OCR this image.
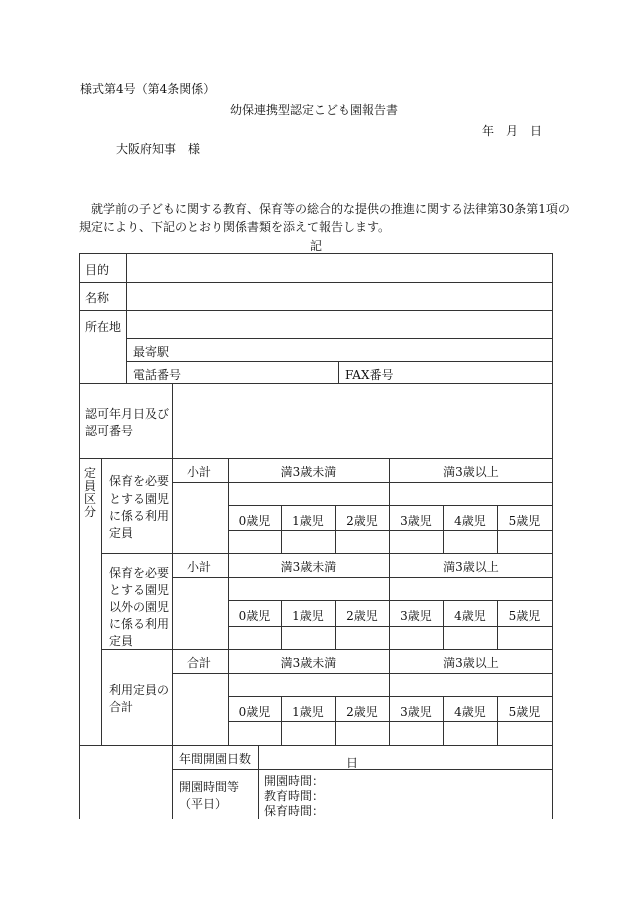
様式第4号（第4条関係）
幼保連携型認定こども園報告書
年　月　日
大阪府知事　様
就学前の子どもに関する教育、保育等の総合的な提供の推進に関する法律第30条第1項の
規定により、下記のとおり関係書類を添えて報告します。
記
目的
名称
所在地
最寄駅
電話番号	FAX番号
認可年月日及び
認可番号
定
員
区
分
保育を必要
とする園児
に係る利用
定員
小計	満3歳未満	満3歳以上
0歳児	1歳児	2歳児	3歳児	4歳児	5歳児
保育を必要
とする園児
以外の園児
に係る利用
定員
小計	満3歳未満	満3歳以上
0歳児	1歳児	2歳児	3歳児	4歳児	5歳児
利用定員の
合計
合計	満3歳未満	満3歳以上
0歳児	1歳児	2歳児	3歳児	4歳児	5歳児
年間開園日数	日
開園時間等
（平日）
開園時間：
教育時間：
保育時間：
